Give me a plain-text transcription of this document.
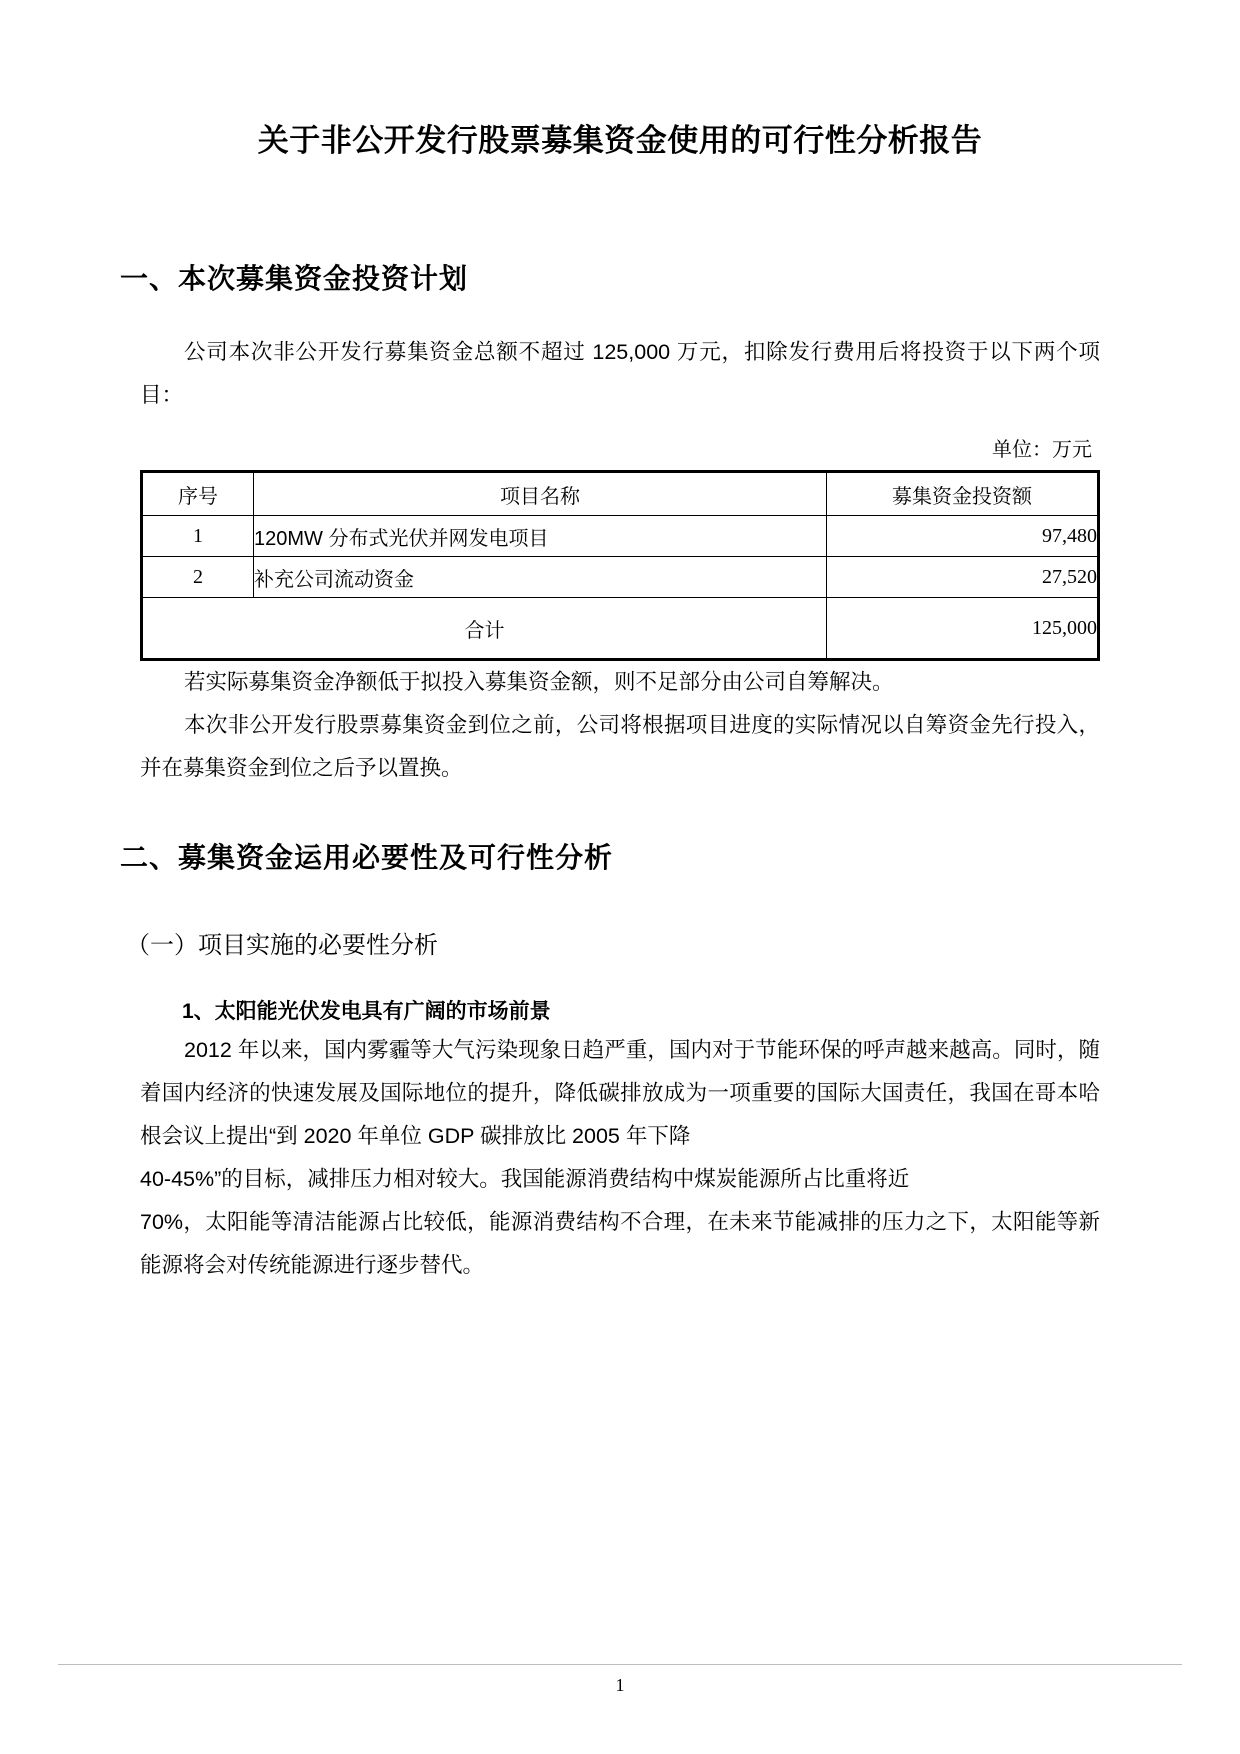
关于非公开发行股票募集资金使用的可行性分析报告
一、本次募集资金投资计划

公司本次非公开发行募集资金总额不超过 125,000 万元，扣除发行费用后将投资于以下两个项目：

单位：万元
序号	项目名称	募集资金投资额
1	120MW 分布式光伏并网发电项目	97,480
2	补充公司流动资金	27,520
合计		125,000

若实际募集资金净额低于拟投入募集资金额，则不足部分由公司自筹解决。

本次非公开发行股票募集资金到位之前，公司将根据项目进度的实际情况以自筹资金先行投入，并在募集资金到位之后予以置换。

二、募集资金运用必要性及可行性分析
（一）项目实施的必要性分析
1、太阳能光伏发电具有广阔的市场前景

2012 年以来，国内雾霾等大气污染现象日趋严重，国内对于节能环保的呼声越来越高。同时，随着国内经济的快速发展及国际地位的提升，降低碳排放成为一项重要的国际大国责任，我国在哥本哈根会议上提出“到 2020 年单位 GDP 碳排放比 2005 年下降

40-45%”的目标，减排压力相对较大。我国能源消费结构中煤炭能源所占比重将近

70%，太阳能等清洁能源占比较低，能源消费结构不合理，在未来节能减排的压力之下，太阳能等新能源将会对传统能源进行逐步替代。

1
